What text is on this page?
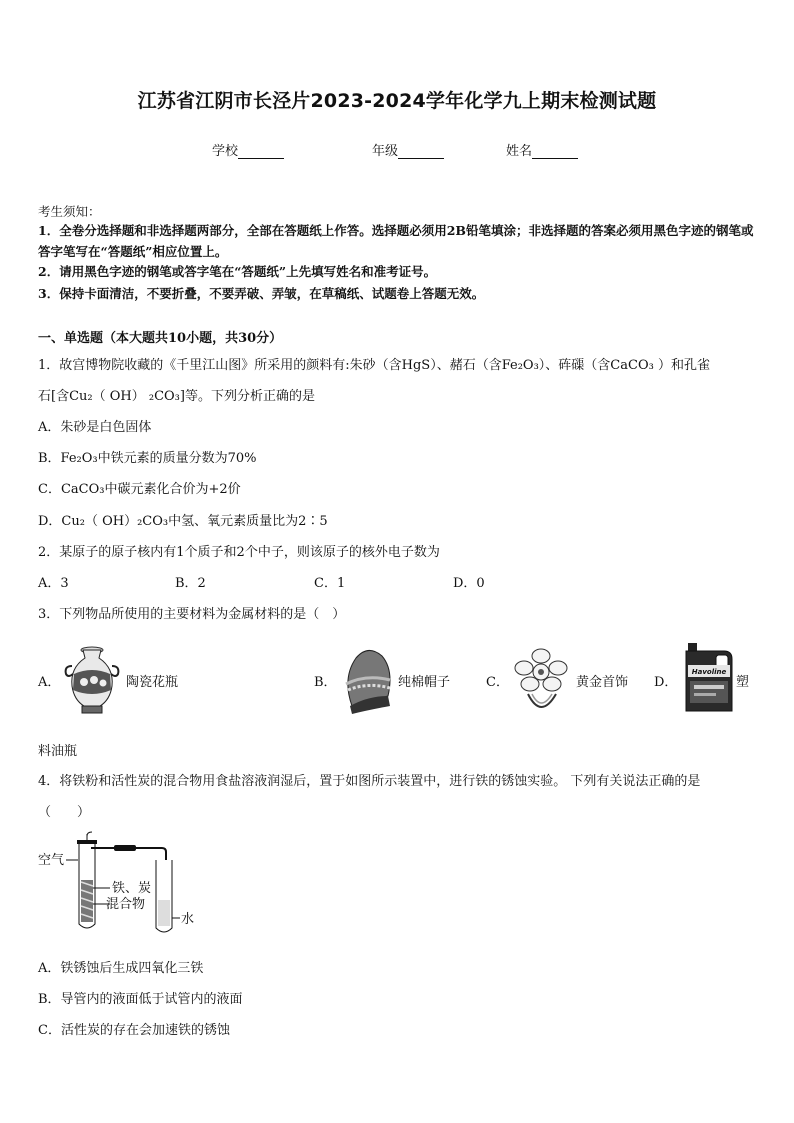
江苏省江阴市长泾片2023-2024学年化学九上期末检测试题
学校	年级	姓名
考生须知：
1．全卷分选择题和非选择题两部分，全部在答题纸上作答。选择题必须用2B铅笔填涂；非选择题的答案必须用黑色字迹的钢笔或答字笔写在“答题纸”相应位置上。
2．请用黑色字迹的钢笔或答字笔在“答题纸”上先填写姓名和准考证号。
3．保持卡面清洁，不要折叠，不要弄破、弄皱，在草稿纸、试题卷上答题无效。
一、单选题（本大题共10小题，共30分）
1．故宫博物院收藏的《千里江山图》所采用的颜料有:朱砂（含HgS）、赭石（含Fe₂O₃）、砗磲（含CaCO₃ ）和孔雀
石[含Cu₂（ OH） ₂CO₃]等。下列分析正确的是
A．朱砂是白色固体
B．Fe₂O₃中铁元素的质量分数为70%
C．CaCO₃中碳元素化合价为+2价
D．Cu₂（ OH）₂CO₃中氢、氧元素质量比为2∶5
2．某原子的原子核内有1个质子和2个中子，则该原子的核外电子数为
A．3	B．2	C．1	D．0
3．下列物品所使用的主要材料为金属材料的是（　）
A．	陶瓷花瓶	B．	纯棉帽子	C．	黄金首饰 D．
Havoline
塑
料油瓶
4．将铁粉和活性炭的混合物用食盐溶液润湿后，置于如图所示装置中，进行铁的锈蚀实验。 下列有关说法正确的是
（　　）
空气
铁、炭
混合物
水
A．铁锈蚀后生成四氧化三铁
B．导管内的液面低于试管内的液面
C．活性炭的存在会加速铁的锈蚀
